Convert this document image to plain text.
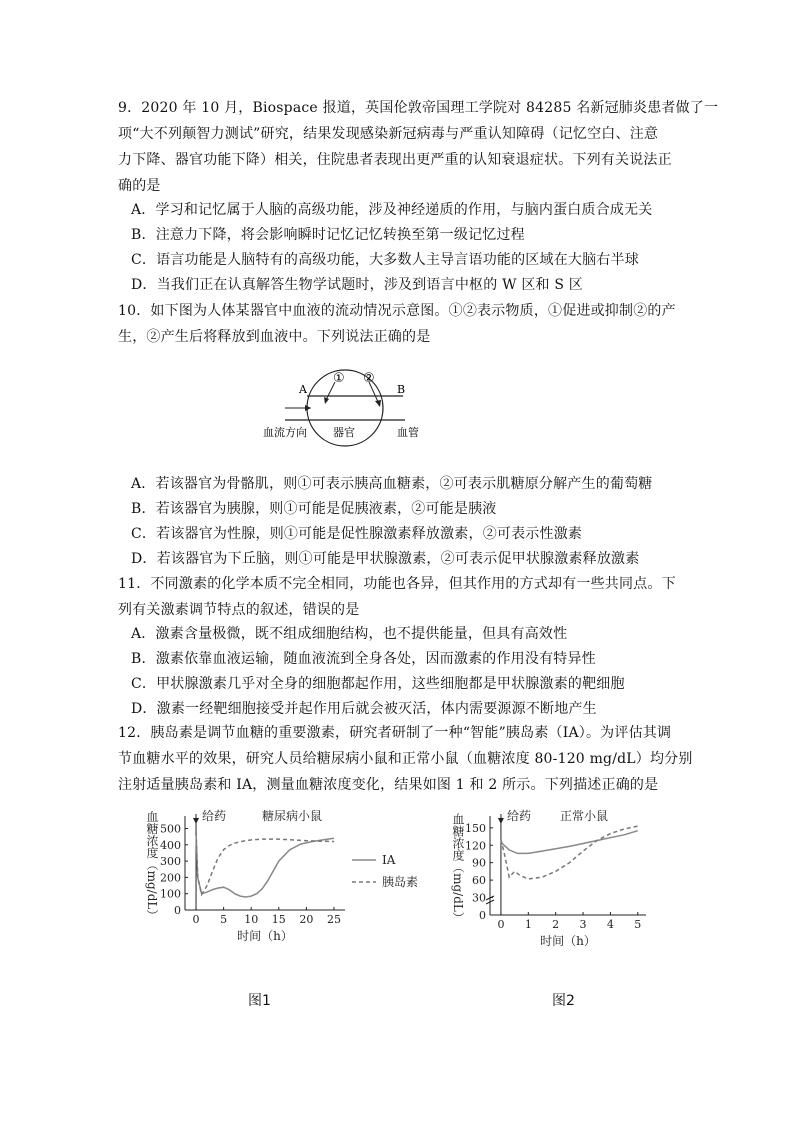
9．2020 年 10 月，Biospace 报道，英国伦敦帝国理工学院对 84285 名新冠肺炎患者做了一
项“大不列颠智力测试”研究，结果发现感染新冠病毒与严重认知障碍（记忆空白、注意
力下降、器官功能下降）相关，住院患者表现出更严重的认知衰退症状。下列有关说法正
确的是
A．学习和记忆属于人脑的高级功能，涉及神经递质的作用，与脑内蛋白质合成无关
B．注意力下降，将会影响瞬时记忆记忆转换至第一级记忆过程
C．语言功能是人脑特有的高级功能，大多数人主导言语功能的区域在大脑右半球
D．当我们正在认真解答生物学试题时，涉及到语言中枢的 W 区和 S 区
10．如下图为人体某器官中血液的流动情况示意图。①②表示物质，①促进或抑制②的产
生，②产生后将释放到血液中。下列说法正确的是
A	B
① ②
血流方向 器官	血管
A．若该器官为骨骼肌，则①可表示胰高血糖素，②可表示肌糖原分解产生的葡萄糖
B．若该器官为胰腺，则①可能是促胰液素，②可能是胰液
C．若该器官为性腺，则①可能是促性腺激素释放激素，②可表示性激素
D．若该器官为下丘脑，则①可能是甲状腺激素，②可表示促甲状腺激素释放激素
11．不同激素的化学本质不完全相同，功能也各异，但其作用的方式却有一些共同点。下
列有关激素调节特点的叙述，错误的是
A．激素含量极微，既不组成细胞结构，也不提供能量，但具有高效性
B．激素依靠血液运输，随血液流到全身各处，因而激素的作用没有特异性
C．甲状腺激素几乎对全身的细胞都起作用，这些细胞都是甲状腺激素的靶细胞
D．激素一经靶细胞接受并起作用后就会被灭活，体内需要源源不断地产生
12．胰岛素是调节血糖的重要激素，研究者研制了一种“智能”胰岛素（IA）。为评估其调
节血糖水平的效果，研究人员给糖尿病小鼠和正常小鼠（血糖浓度 80-120 mg/dL）均分别
注射适量胰岛素和 IA，测量血糖浓度变化，结果如图 1 和 2 所示。下列描述正确的是
0 5 10 15 20 25
0
100
200
300
400
500
给药	糖尿病小鼠
时间（h）
血糖浓度（mg/dL）	IA
胰岛素
0 1 2 3 4 5
0
30
60
90
120
150
给药 正常小鼠
时间（h）
血糖浓度（mg/dL）
图1	图2
